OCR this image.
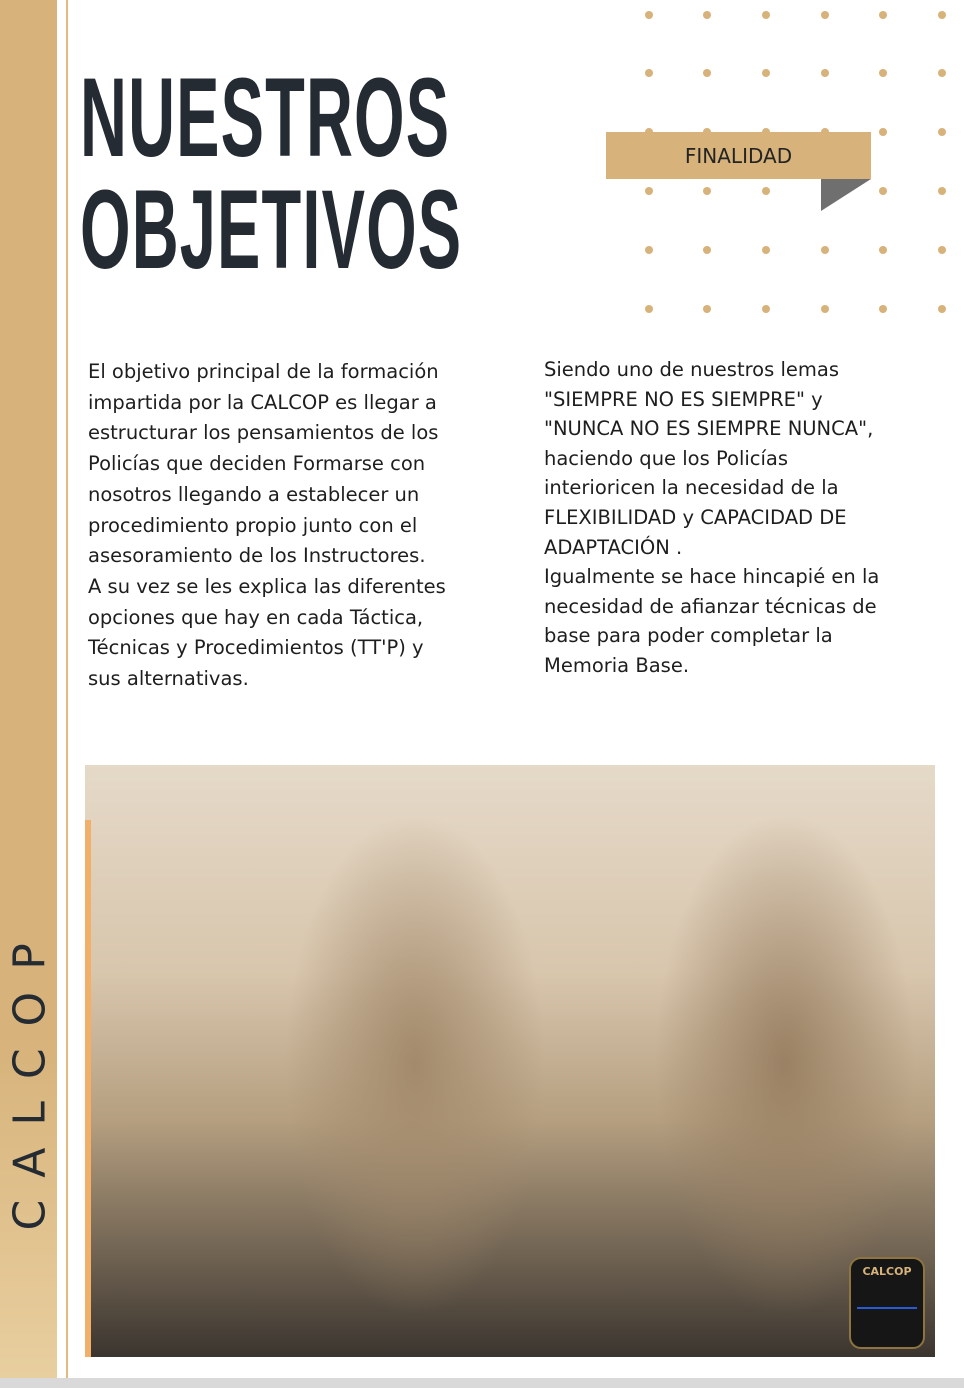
CALCOP
NUESTROS
OBJETIVOS
FINALIDAD
El objetivo principal de la formación
impartida por la CALCOP es llegar a
estructurar los pensamientos de los
Policías que deciden Formarse con
nosotros llegando a establecer un
procedimiento propio junto con el
asesoramiento de los Instructores.
A su vez se les explica las diferentes
opciones que hay en cada Táctica,
Técnicas y Procedimientos (TT'P) y
sus alternativas.
Siendo uno de nuestros lemas
"SIEMPRE NO ES SIEMPRE" y
"NUNCA NO ES SIEMPRE NUNCA",
haciendo que los Policías
interioricen la necesidad de la
FLEXIBILIDAD y CAPACIDAD DE
ADAPTACIÓN .
Igualmente se hace hincapié en la
necesidad de afianzar técnicas de
base para poder completar la
Memoria Base.
CALCOP
